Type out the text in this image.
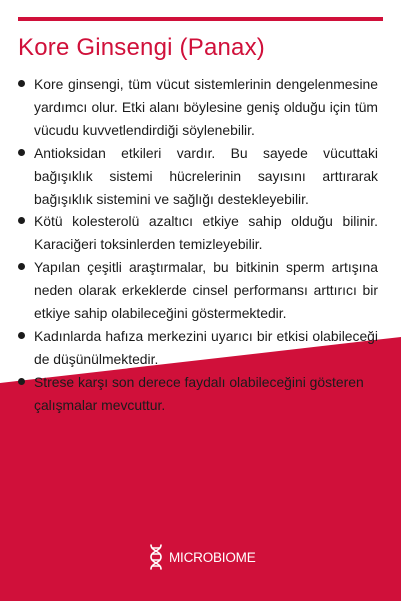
Kore Ginsengi (Panax)
Kore ginsengi, tüm vücut sistemlerinin dengelenmesine yardımcı olur. Etki alanı böylesine geniş olduğu için tüm vücudu kuvvetlendirdiği söylenebilir.
Antioksidan etkileri vardır. Bu sayede vücuttaki bağışıklık sistemi hücrelerinin sayısını arttırarak bağışıklık sistemini ve sağlığı destekleyebilir.
Kötü kolesterolü azaltıcı etkiye sahip olduğu bilinir. Karaciğeri toksinlerden temizleyebilir.
Yapılan çeşitli araştırmalar, bu bitkinin sperm artışına neden olarak erkeklerde cinsel performansı arttırıcı bir etkiye sahip olabileceğini göstermektedir.
Kadınlarda hafıza merkezini uyarıcı bir etkisi olabileceği de düşünülmektedir.
Strese karşı son derece faydalı olabileceğini gösteren çalışmalar mevcuttur.
MICROBIOME
